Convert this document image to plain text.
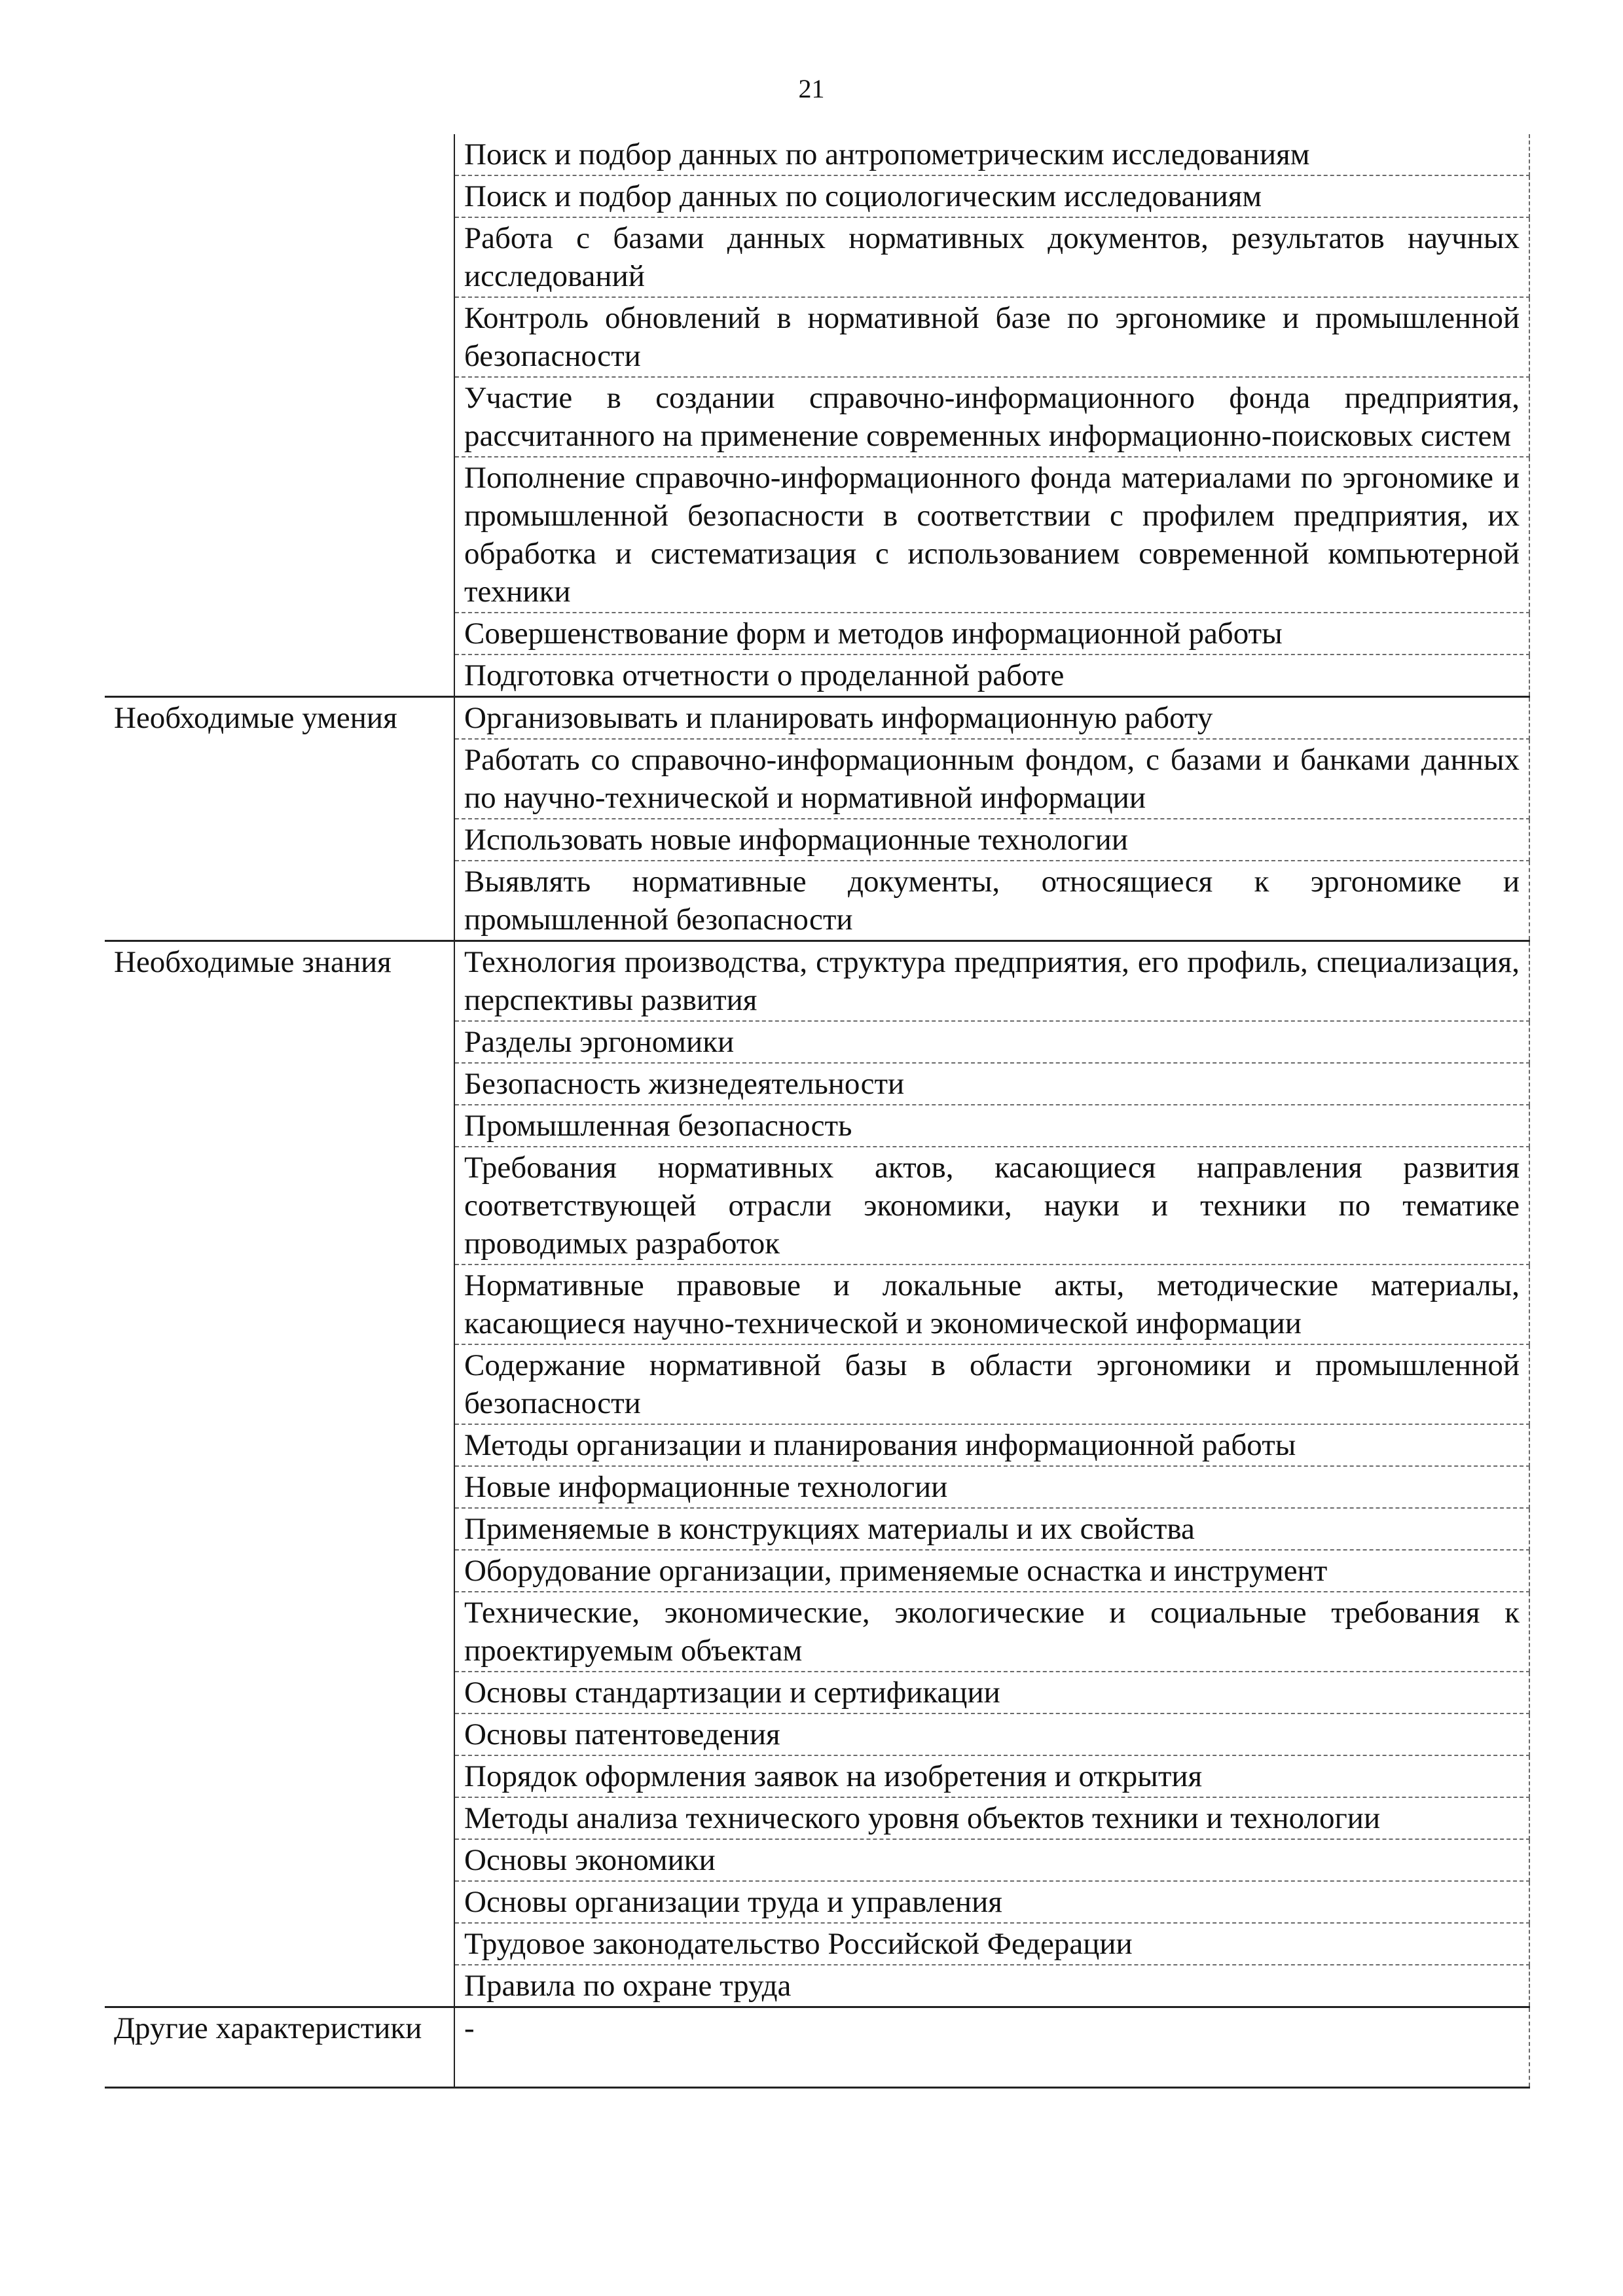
21
	Поиск и подбор данных по антропометрическим исследованиям
	Поиск и подбор данных по социологическим исследованиям
	Работа с базами данных нормативных документов, результатов научных исследований
	Контроль обновлений в нормативной базе по эргономике и промышленной безопасности
	Участие в создании справочно-информационного фонда предприятия, рассчитанного на применение современных информационно-поисковых систем
	Пополнение справочно-информационного фонда материалами по эргономике и промышленной безопасности в соответствии с профилем предприятия, их обработка и систематизация с использованием современной компьютерной техники
	Совершенствование форм и методов информационной работы
	Подготовка отчетности о проделанной работе
Необходимые умения	Организовывать и планировать информационную работу
	Работать со справочно-информационным фондом, с базами и банками данных по научно-технической и нормативной информации
	Использовать новые информационные технологии
	Выявлять нормативные документы, относящиеся к эргономике и промышленной безопасности
Необходимые знания	Технология производства, структура предприятия, его профиль, специализация, перспективы развития
	Разделы эргономики
	Безопасность жизнедеятельности
	Промышленная безопасность
	Требования нормативных актов, касающиеся направления развития соответствующей отрасли экономики, науки и техники по тематике проводимых разработок
	Нормативные правовые и локальные акты, методические материалы, касающиеся научно-технической и экономической информации
	Содержание нормативной базы в области эргономики и промышленной безопасности
	Методы организации и планирования информационной работы
	Новые информационные технологии
	Применяемые в конструкциях материалы и их свойства
	Оборудование организации, применяемые оснастка и инструмент
	Технические, экономические, экологические и социальные требования к проектируемым объектам
	Основы стандартизации и сертификации
	Основы патентоведения
	Порядок оформления заявок на изобретения и открытия
	Методы анализа технического уровня объектов техники и технологии
	Основы экономики
	Основы организации труда и управления
	Трудовое законодательство Российской Федерации
	Правила по охране труда
Другие характеристики	-
